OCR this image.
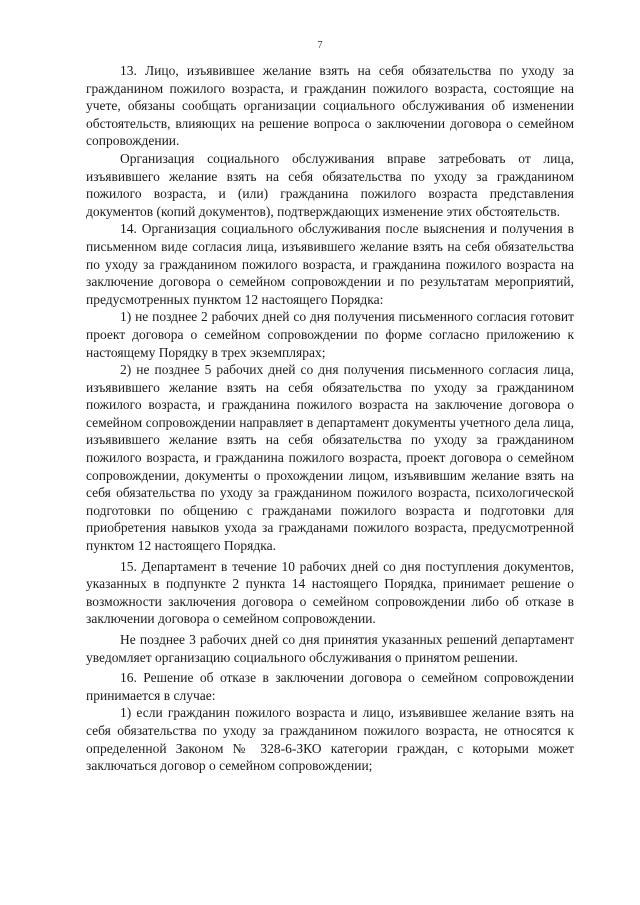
7

13. Лицо, изъявившее желание взять на себя обязательства по уходу за гражданином пожилого возраста, и гражданин пожилого возраста, состоящие на учете, обязаны сообщать организации социального обслуживания об изменении обстоятельств, влияющих на решение вопроса о заключении договора о семейном сопровождении.

Организация социального обслуживания вправе затребовать от лица, изъявившего желание взять на себя обязательства по уходу за гражданином пожилого возраста, и (или) гражданина пожилого возраста представления документов (копий документов), подтверждающих изменение этих обстоятельств.

14. Организация социального обслуживания после выяснения и получения в письменном виде согласия лица, изъявившего желание взять на себя обязательства по уходу за гражданином пожилого возраста, и гражданина пожилого возраста на заключение договора о семейном сопровождении и по результатам мероприятий, предусмотренных пунктом 12 настоящего Порядка:

1) не позднее 2 рабочих дней со дня получения письменного согласия готовит проект договора о семейном сопровождении по форме согласно приложению к настоящему Порядку в трех экземплярах;

2) не позднее 5 рабочих дней со дня получения письменного согласия лица, изъявившего желание взять на себя обязательства по уходу за гражданином пожилого возраста, и гражданина пожилого возраста на заключение договора о семейном сопровождении направляет в департамент документы учетного дела лица, изъявившего желание взять на себя обязательства по уходу за гражданином пожилого возраста, и гражданина пожилого возраста, проект договора о семейном сопровождении, документы о прохождении лицом, изъявившим желание взять на себя обязательства по уходу за гражданином пожилого возраста, психологической подготовки по общению с гражданами пожилого возраста и подготовки для приобретения навыков ухода за гражданами пожилого возраста, предусмотренной пунктом 12 настоящего Порядка.

15. Департамент в течение 10 рабочих дней со дня поступления документов, указанных в подпункте 2 пункта 14 настоящего Порядка, принимает решение о возможности заключения договора о семейном сопровождении либо об отказе в заключении договора о семейном сопровождении.

Не позднее 3 рабочих дней со дня принятия указанных решений департамент уведомляет организацию социального обслуживания о принятом решении.

16. Решение об отказе в заключении договора о семейном сопровождении принимается в случае:

1) если гражданин пожилого возраста и лицо, изъявившее желание взять на себя обязательства по уходу за гражданином пожилого возраста, не относятся к определенной Законом № 328-6-ЗКО категории граждан, с которыми может заключаться договор о семейном сопровождении;
